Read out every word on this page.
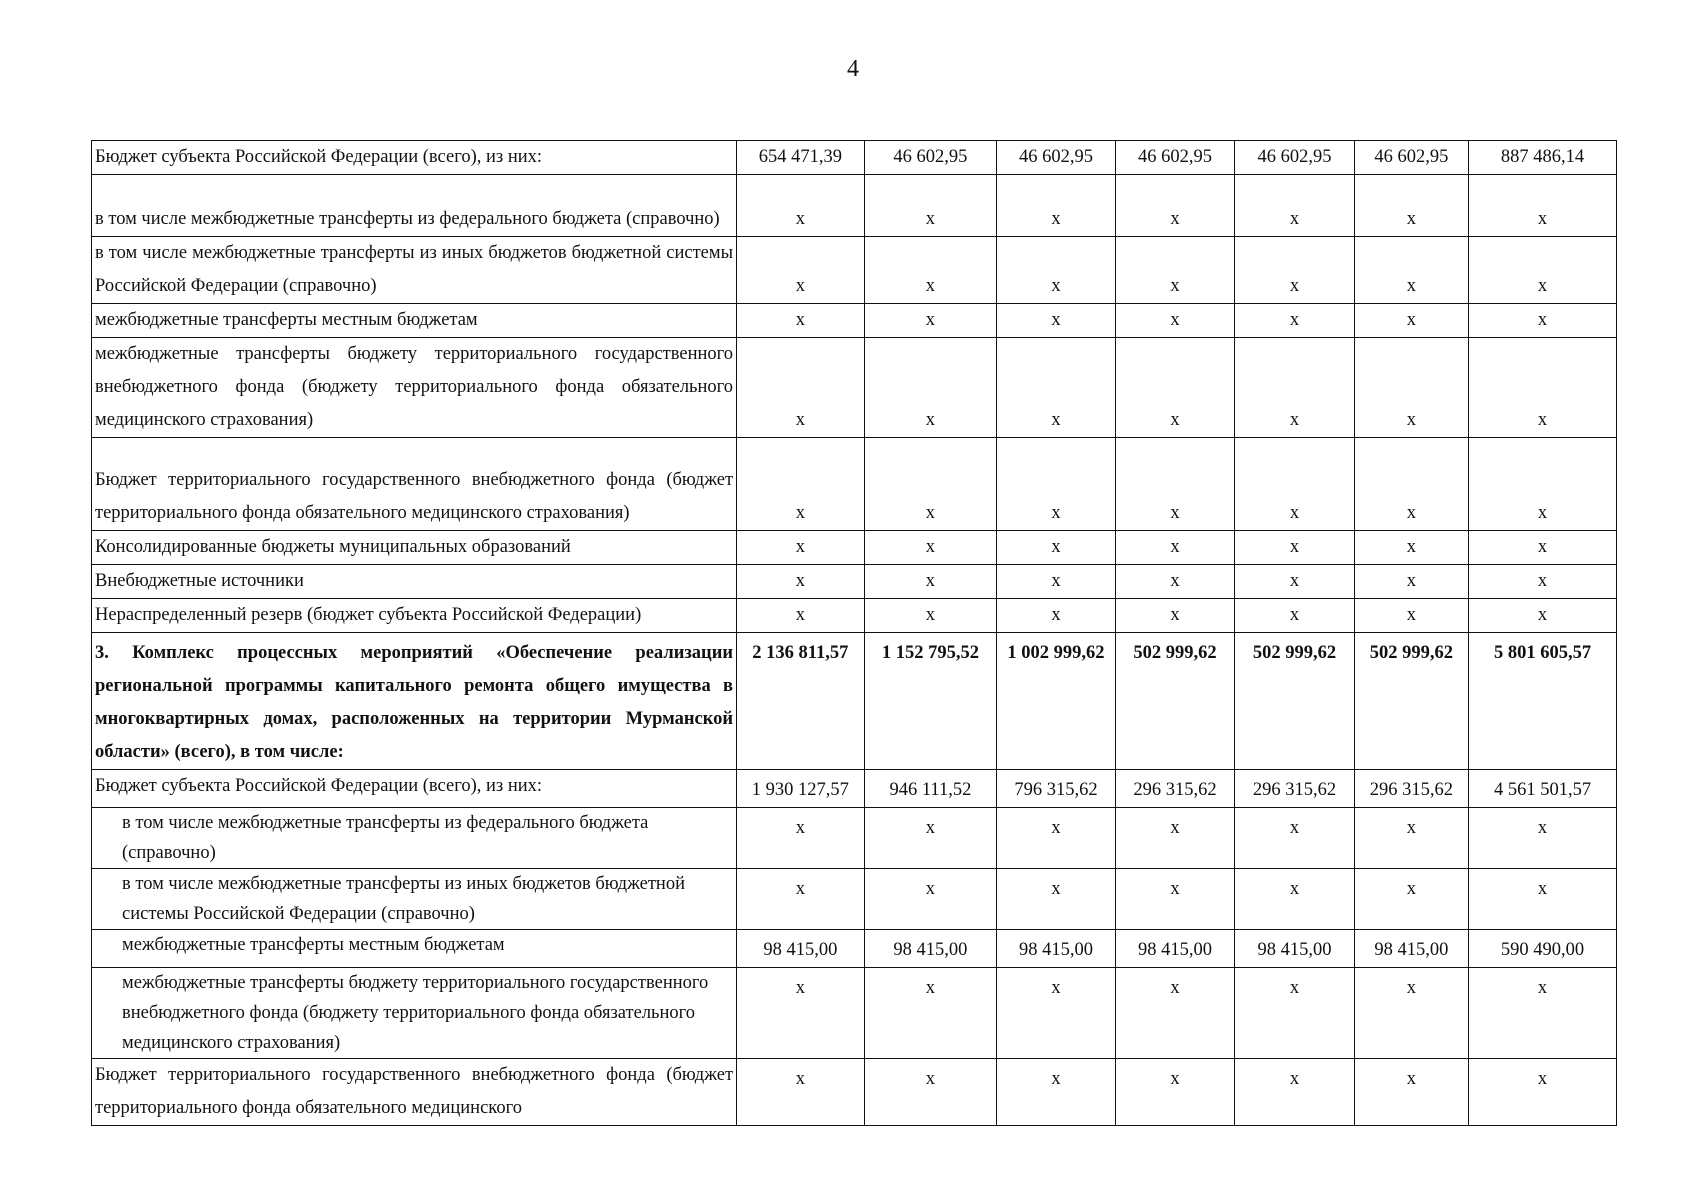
4
Бюджет субъекта Российской Федерации (всего), из них:	654 471,39	46 602,95	46 602,95	46 602,95	46 602,95	46 602,95	887 486,14
в том числе межбюджетные трансферты из федерального бюджета (справочно)	x	x	x	x	x	x	x
в том числе межбюджетные трансферты из иных бюджетов бюджетной системы Российской Федерации (справочно)	x	x	x	x	x	x	x
межбюджетные трансферты местным бюджетам	x	x	x	x	x	x	x
межбюджетные трансферты бюджету территориального государственного внебюджетного фонда (бюджету территориального фонда обязательного медицинского страхования)	x	x	x	x	x	x	x
Бюджет территориального государственного внебюджетного фонда (бюджет территориального фонда обязательного медицинского страхования)	x	x	x	x	x	x	x
Консолидированные бюджеты муниципальных образований	x	x	x	x	x	x	x
Внебюджетные источники	x	x	x	x	x	x	x
Нераспределенный резерв (бюджет субъекта Российской Федерации)	x	x	x	x	x	x	x
3. Комплекс процессных мероприятий «Обеспечение реализации региональной программы капитального ремонта общего имущества в многоквартирных домах, расположенных на территории Мурманской области» (всего), в том числе:	2 136 811,57	1 152 795,52	1 002 999,62	502 999,62	502 999,62	502 999,62	5 801 605,57
Бюджет субъекта Российской Федерации (всего), из них:	1 930 127,57	946 111,52	796 315,62	296 315,62	296 315,62	296 315,62	4 561 501,57
в том числе межбюджетные трансферты из федерального бюджета (справочно)	x	x	x	x	x	x	x
в том числе межбюджетные трансферты из иных бюджетов бюджетной системы Российской Федерации (справочно)	x	x	x	x	x	x	x
межбюджетные трансферты местным бюджетам	98 415,00	98 415,00	98 415,00	98 415,00	98 415,00	98 415,00	590 490,00
межбюджетные трансферты бюджету территориального государственного внебюджетного фонда (бюджету территориального фонда обязательного медицинского страхования)	x	x	x	x	x	x	x
Бюджет территориального государственного внебюджетного фонда (бюджет территориального фонда обязательного медицинского	x	x	x	x	x	x	x
